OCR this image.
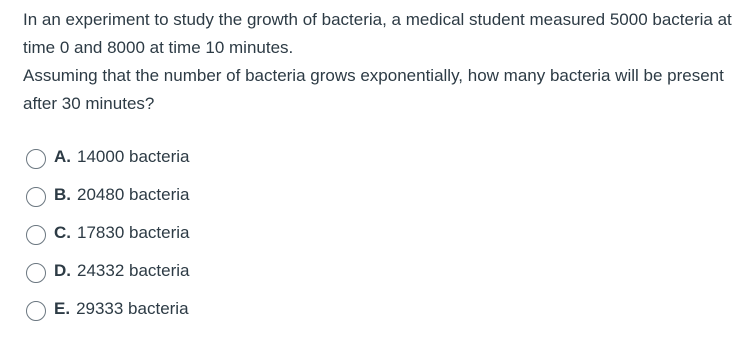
In an experiment to study the growth of bacteria, a medical student measured 5000 bacteria at time 0 and 8000 at time 10 minutes.

Assuming that the number of bacteria grows exponentially, how many bacteria will be present after 30 minutes?

A. 14000 bacteria
B. 20480 bacteria
C. 17830 bacteria
D. 24332 bacteria
E. 29333 bacteria
